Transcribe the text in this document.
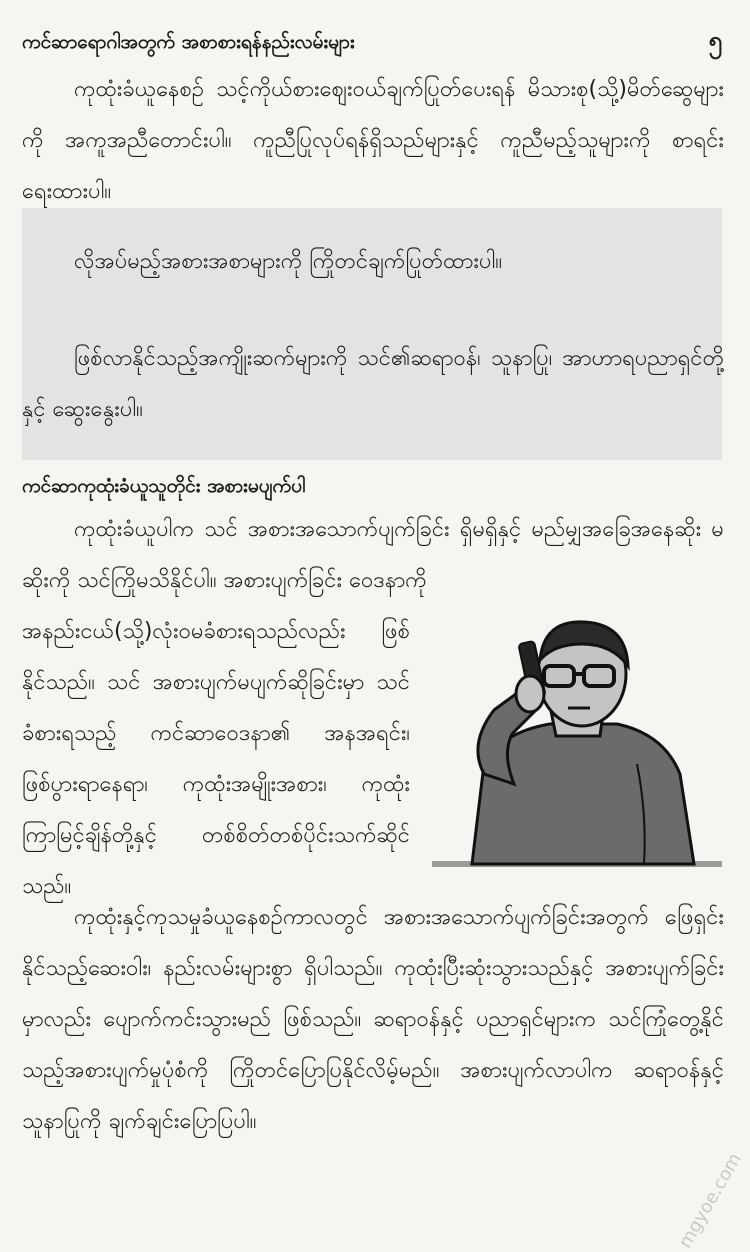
ကင်ဆာရောဂါအတွက် အစာစားရန်နည်းလမ်းများ	၅

ကုထုံးခံယူနေစဉ် သင့်ကိုယ်စားဈေးဝယ်ချက်ပြုတ်ပေးရန် မိသားစု(သို့)မိတ်ဆွေများကို အကူအညီတောင်းပါ။ ကူညီပြုလုပ်ရန်ရှိသည်များနှင့် ကူညီမည့်သူများကို စာရင်းရေးထားပါ။

လိုအပ်မည့်အစားအစာများကို ကြိုတင်ချက်ပြုတ်ထားပါ။

ဖြစ်လာနိုင်သည့်အကျိုးဆက်များကို သင်၏ဆရာဝန်၊ သူနာပြု၊ အာဟာရပညာရှင်တို့နှင့် ဆွေးနွေးပါ။

ကင်ဆာကုထုံးခံယူသူတိုင်း အစားမပျက်ပါ

ကုထုံးခံယူပါက သင် အစားအသောက်ပျက်ခြင်း ရှိမရှိနှင့် မည်မျှအခြေအနေဆိုး မဆိုးကို သင်ကြိုမသိနိုင်ပါ။ အစားပျက်ခြင်း ဝေဒနာကို

အနည်းငယ်(သို့)လုံးဝမခံစားရသည်လည်း ဖြစ်နိုင်သည်။ သင် အစားပျက်မပျက်ဆိုခြင်းမှာ သင်ခံစားရသည့် ကင်ဆာဝေဒနာ၏ အနအရင်း၊ ဖြစ်ပွားရာနေရာ၊ ကုထုံးအမျိုးအစား၊ ကုထုံးကြာမြင့်ချိန်တို့နှင့် တစ်စိတ်တစ်ပိုင်းသက်ဆိုင်သည်။

ကုထုံးနှင့်ကုသမှုခံယူနေစဉ်ကာလတွင် အစားအသောက်ပျက်ခြင်းအတွက် ဖြေရှင်းနိုင်သည့်ဆေးဝါး၊ နည်းလမ်းများစွာ ရှိပါသည်။ ကုထုံးပြီးဆုံးသွားသည်နှင့် အစားပျက်ခြင်း မှာလည်း ပျောက်ကင်းသွားမည် ဖြစ်သည်။ ဆရာဝန်နှင့် ပညာရှင်များက သင်ကြုံတွေ့နိုင်သည့်အစားပျက်မှုပုံစံကို ကြိုတင်ပြောပြနိုင်လိမ့်မည်။ အစားပျက်လာပါက ဆရာဝန်နှင့် သူနာပြုကို ချက်ချင်းပြောပြပါ။

mgyoe.com
